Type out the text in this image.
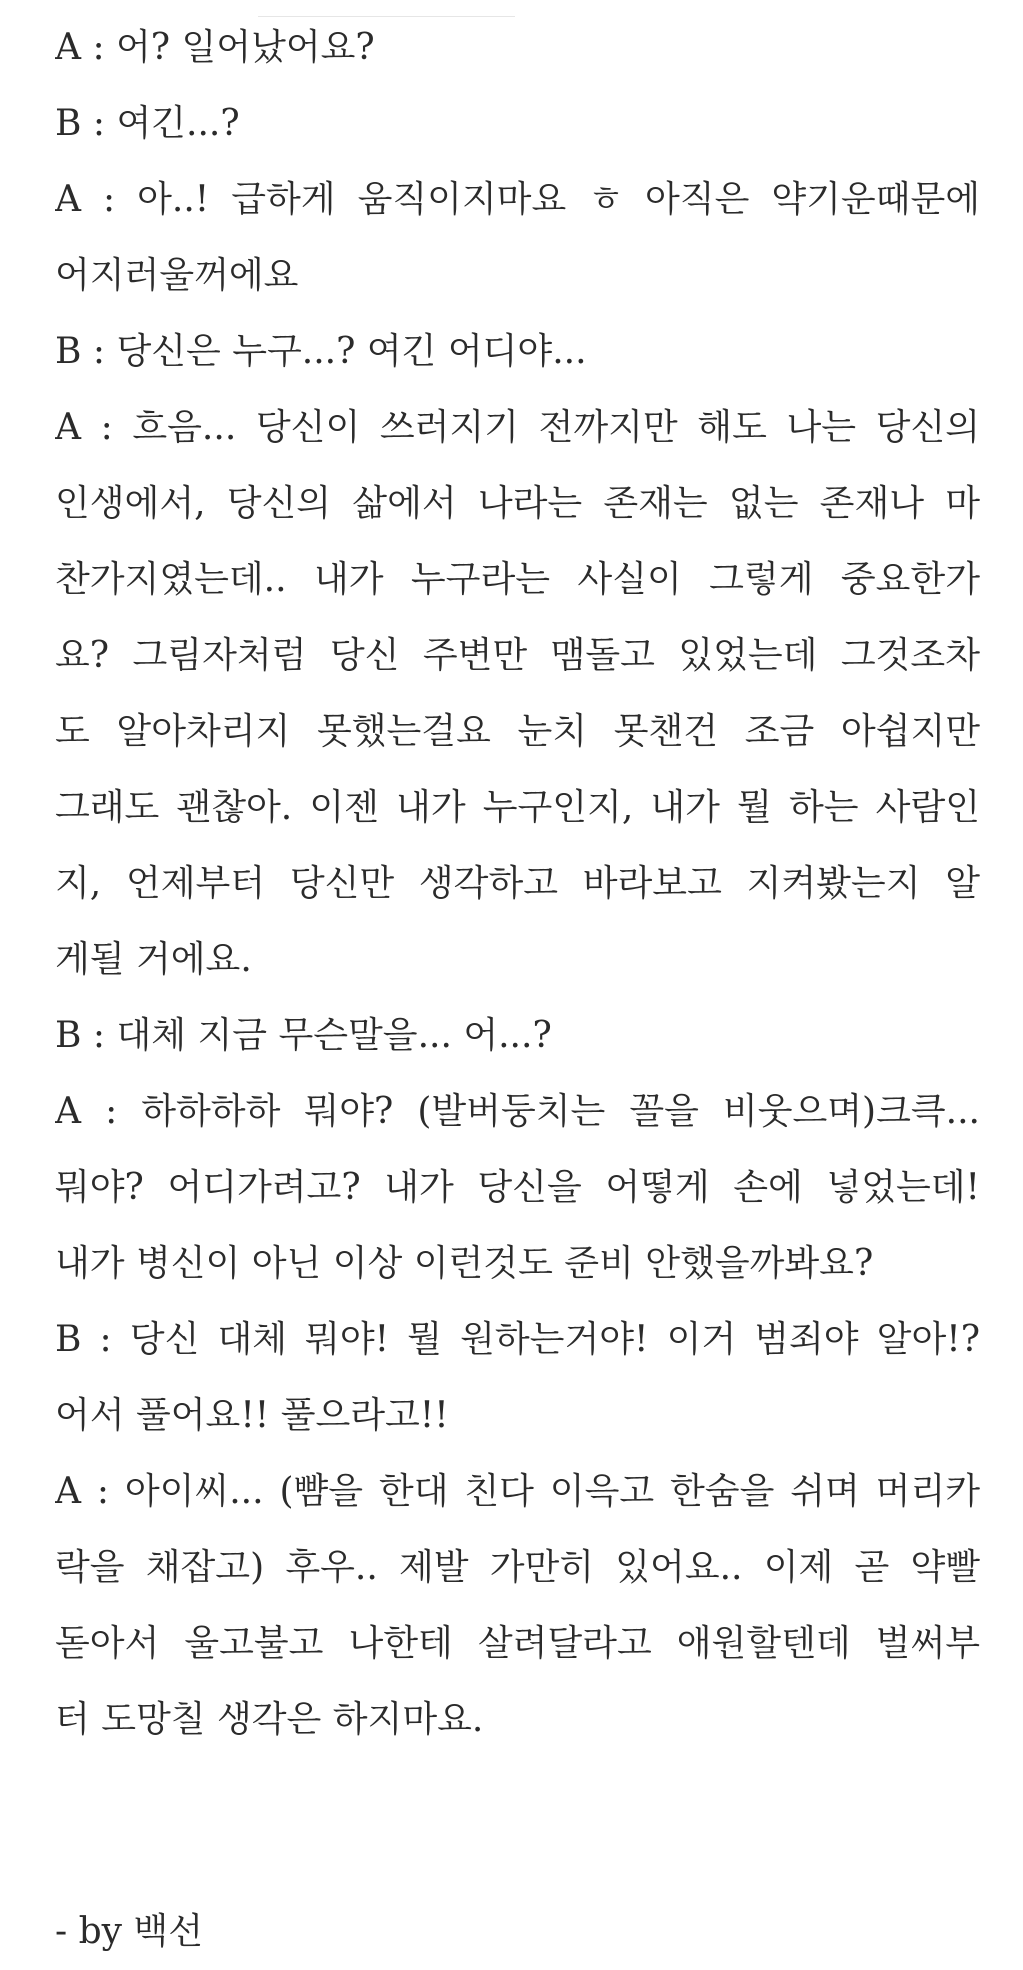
A : 어? 일어났어요?
B : 여긴...?
A : 아..! 급하게 움직이지마요 ㅎ 아직은 약기운때문에
어지러울꺼에요
B : 당신은 누구...? 여긴 어디야...
A : 흐음... 당신이 쓰러지기 전까지만 해도 나는 당신의
인생에서, 당신의 삶에서 나라는 존재는 없는 존재나 마
찬가지였는데.. 내가 누구라는 사실이 그렇게 중요한가
요? 그림자처럼 당신 주변만 맴돌고 있었는데 그것조차
도 알아차리지 못했는걸요 눈치 못챈건 조금 아쉽지만
그래도 괜찮아. 이젠 내가 누구인지, 내가 뭘 하는 사람인
지, 언제부터 당신만 생각하고 바라보고 지켜봤는지 알
게될 거에요.
B : 대체 지금 무슨말을... 어...?
A : 하하하하 뭐야? (발버둥치는 꼴을 비웃으며)크큭...
뭐야? 어디가려고? 내가 당신을 어떻게 손에 넣었는데!
내가 병신이 아닌 이상 이런것도 준비 안했을까봐요?
B : 당신 대체 뭐야! 뭘 원하는거야! 이거 범죄야 알아!?
어서 풀어요!! 풀으라고!!
A : 아이씨... (뺨을 한대 친다 이윽고 한숨을 쉬며 머리카
락을 채잡고) 후우.. 제발 가만히 있어요.. 이제 곧 약빨
돋아서 울고불고 나한테 살려달라고 애원할텐데 벌써부
터 도망칠 생각은 하지마요.
- by 백선
